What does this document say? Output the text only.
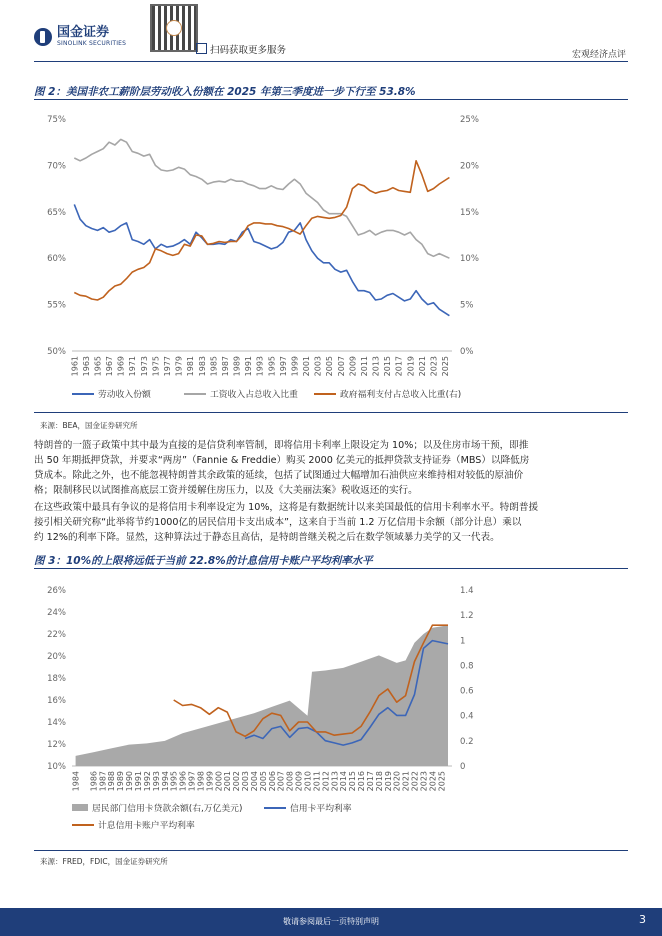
国金证券
SINOLINK SECURITIES
扫码获取更多服务	宏观经济点评
图 2：美国非农工薪阶层劳动收入份额在 2025 年第三季度进一步下行至 53.8%
50%
55%
60%
65%
70%
75%
0%
5%
10%
15%
20%
25%
1961 1963 1965 1967 1969 1971 1973 1975 1977 1979 1981 1983 1985 1987 1989 1991 1993 1995 1997 1999 2001 2003 2005 2007 2009 2011 2013 2015 2017 2019 2021 2023 2025
劳动收入份额	工资收入占总收入比重	政府福利支付占总收入比重(右)
来源：BEA，国金证券研究所
特朗普的一篮子政策中其中最为直接的是信贷利率管制，即将信用卡利率上限设定为 10%；以及住房市场干预，即推
出 50 年期抵押贷款，并要求“两房”（Fannie & Freddie）购买 2000 亿美元的抵押贷款支持证券（MBS）以降低房
贷成本。除此之外，也不能忽视特朗普其余政策的延续，包括了试图通过大幅增加石油供应来维持相对较低的原油价
格；限制移民以试图推高底层工资并缓解住房压力，以及《大美丽法案》税收返还的实行。
在这些政策中最具有争议的是将信用卡利率设定为 10%，这将是有数据统计以来美国最低的信用卡利率水平。特朗普援
接引相关研究称“此举将节约1000亿的居民信用卡支出成本”，这来自于当前 1.2 万亿信用卡余额（部分计息）乘以
约 12%的利率下降。显然，这种算法过于静态且高估，是特朗普继关税之后在数学领域暴力美学的又一代表。
图 3：10%的上限将远低于当前 22.8%的计息信用卡账户平均利率水平
10%
12%
14%
16%
18%
20%
22%
24%
26%
0
0.2
0.4
0.6
0.8
1
1.2
1.4
1984 1986 1987 1988 1989 1990 1991 1992 1993 1994 1995 1996 1997 1998 1999 2000 2001 2002 2003 2004 2005 2006 2007 2008 2009 2010 2011 2012 2013 2014 2015 2016 2017 2018 2019 2020 2021 2022 2023 2024 2025
居民部门信用卡贷款余额(右,万亿美元)	信用卡平均利率
计息信用卡账户平均利率
来源：FRED，FDIC，国金证券研究所
敬请参阅最后一页特别声明	3
